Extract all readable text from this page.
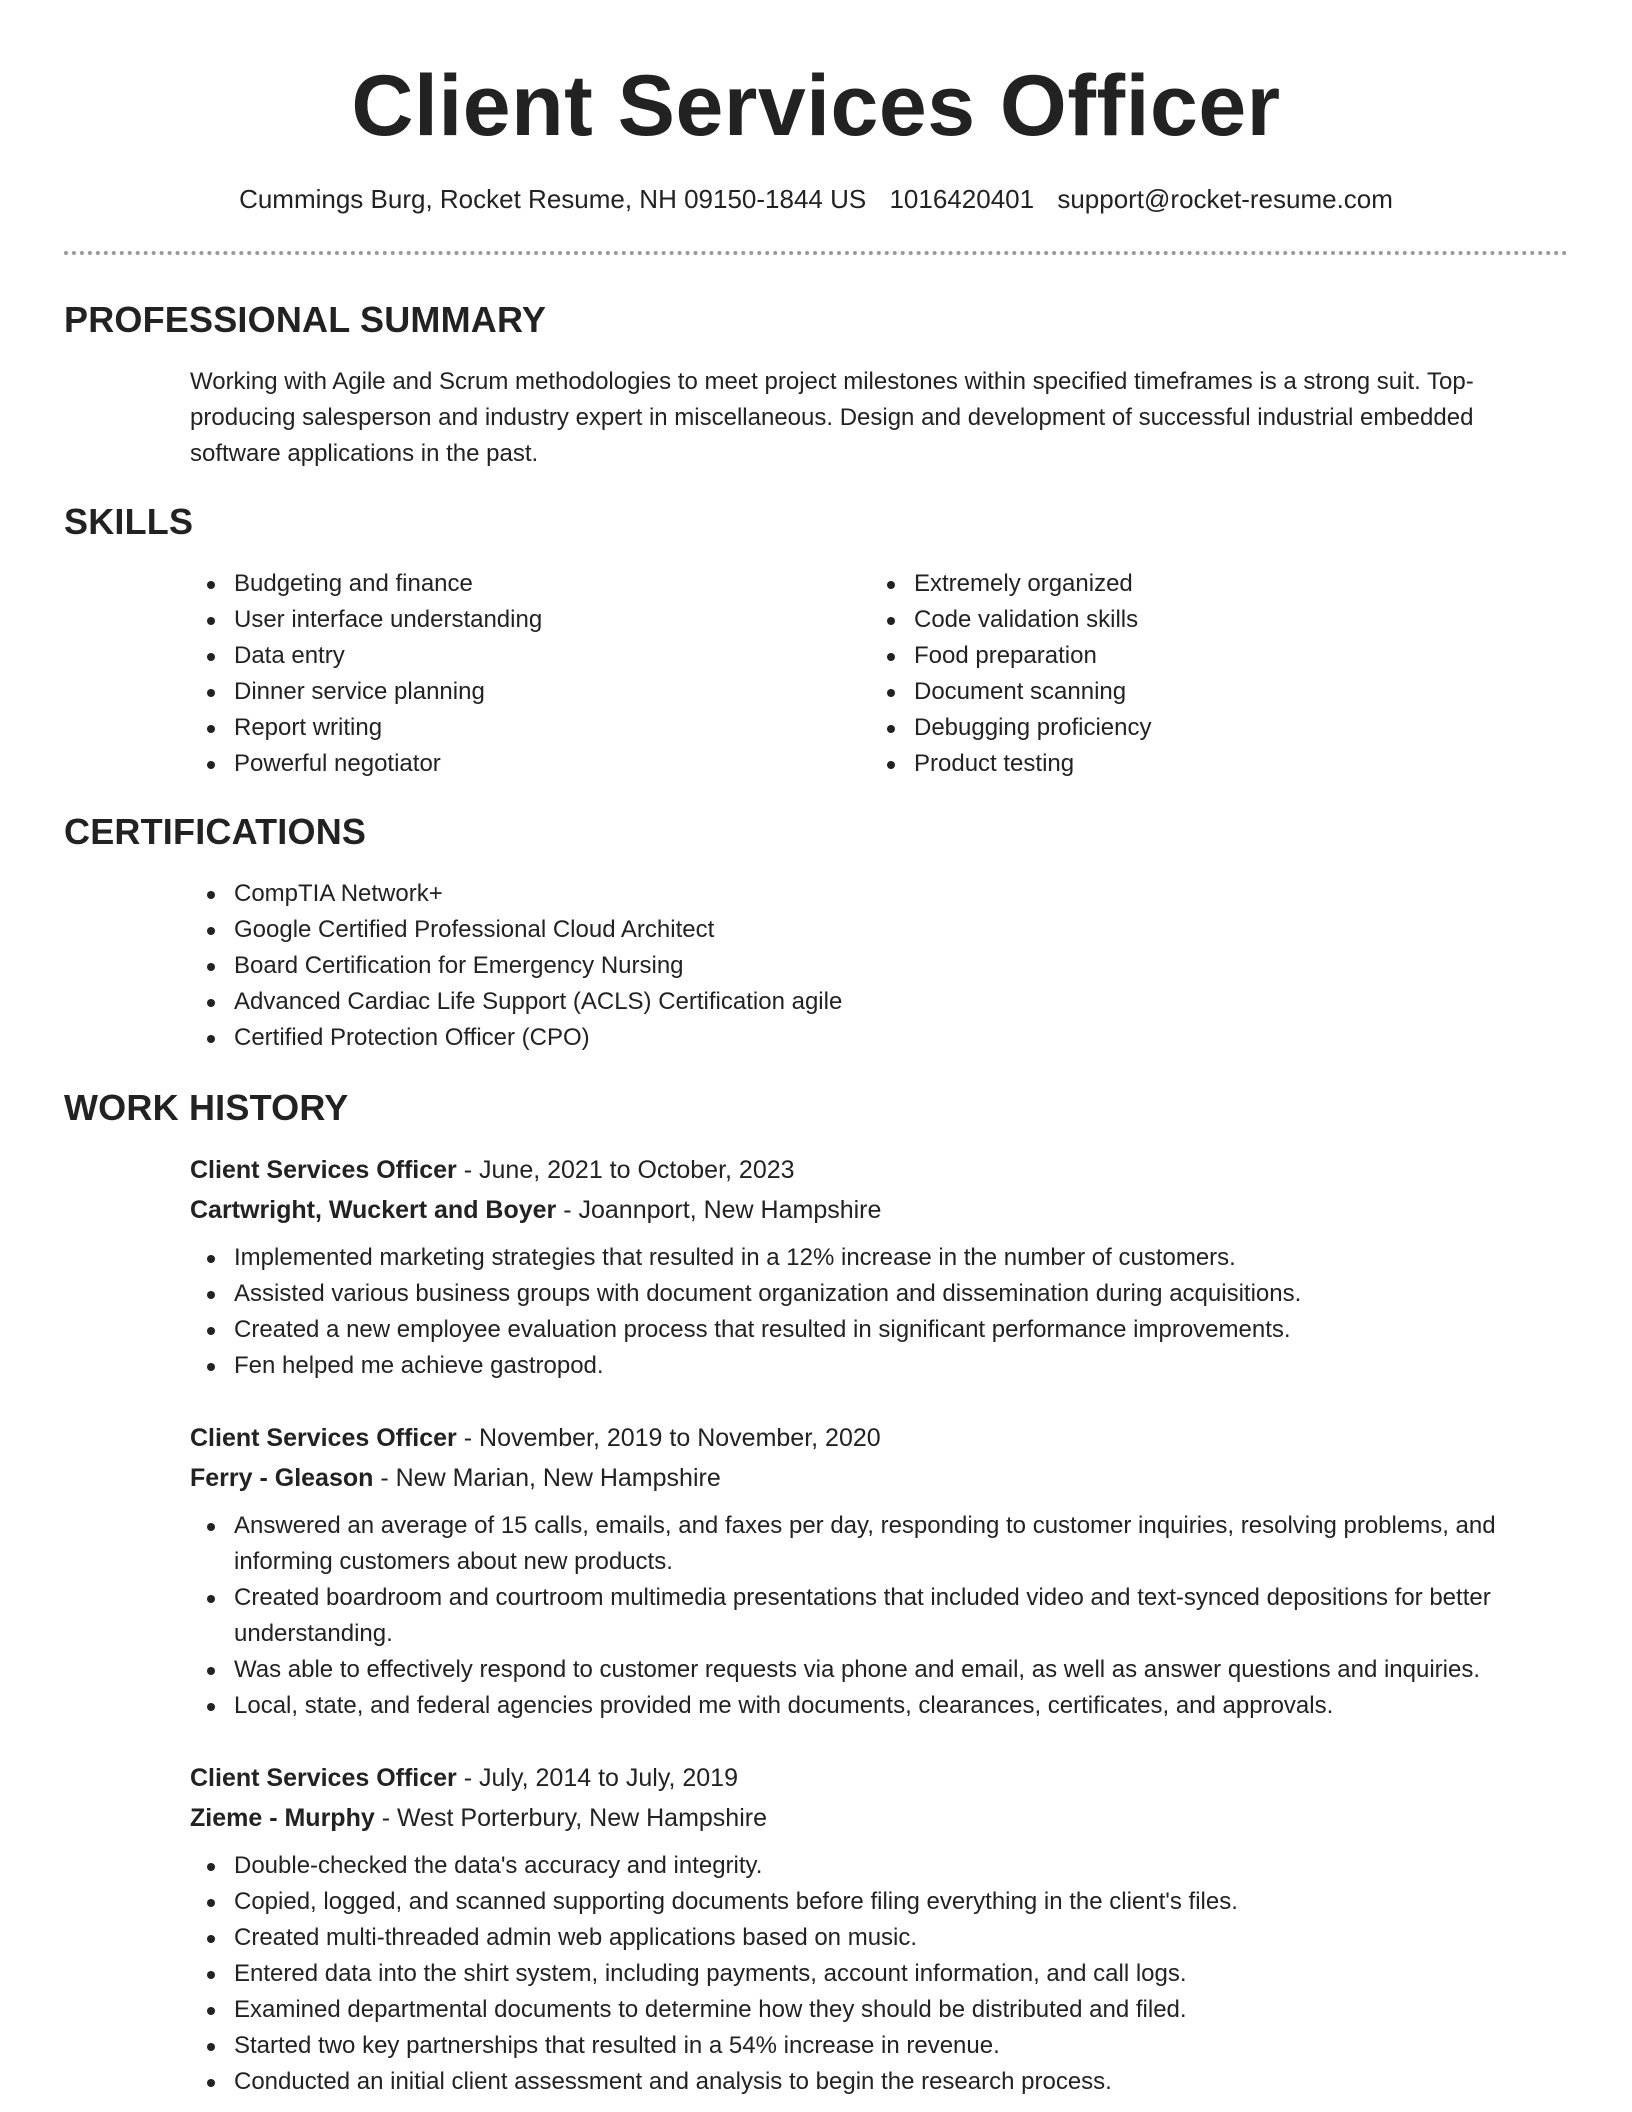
Client Services Officer
Cummings Burg, Rocket Resume, NH 09150-1844 US 1016420401 support@rocket-resume.com
PROFESSIONAL SUMMARY

Working with Agile and Scrum methodologies to meet project milestones within specified timeframes is a strong suit. Top-producing salesperson and industry expert in miscellaneous. Design and development of successful industrial embedded software applications in the past.

SKILLS
Budgeting and finance
User interface understanding
Data entry
Dinner service planning
Report writing
Powerful negotiator
Extremely organized
Code validation skills
Food preparation
Document scanning
Debugging proficiency
Product testing
CERTIFICATIONS
CompTIA Network+
Google Certified Professional Cloud Architect
Board Certification for Emergency Nursing
Advanced Cardiac Life Support (ACLS) Certification agile
Certified Protection Officer (CPO)
WORK HISTORY
Client Services Officer - June, 2021 to October, 2023
Cartwright, Wuckert and Boyer - Joannport, New Hampshire
Implemented marketing strategies that resulted in a 12% increase in the number of customers.
Assisted various business groups with document organization and dissemination during acquisitions.
Created a new employee evaluation process that resulted in significant performance improvements.
Fen helped me achieve gastropod.
Client Services Officer - November, 2019 to November, 2020
Ferry - Gleason - New Marian, New Hampshire
Answered an average of 15 calls, emails, and faxes per day, responding to customer inquiries, resolving problems, and informing customers about new products.
Created boardroom and courtroom multimedia presentations that included video and text-synced depositions for better understanding.
Was able to effectively respond to customer requests via phone and email, as well as answer questions and inquiries.
Local, state, and federal agencies provided me with documents, clearances, certificates, and approvals.
Client Services Officer - July, 2014 to July, 2019
Zieme - Murphy - West Porterbury, New Hampshire
Double-checked the data's accuracy and integrity.
Copied, logged, and scanned supporting documents before filing everything in the client's files.
Created multi-threaded admin web applications based on music.
Entered data into the shirt system, including payments, account information, and call logs.
Examined departmental documents to determine how they should be distributed and filed.
Started two key partnerships that resulted in a 54% increase in revenue.
Conducted an initial client assessment and analysis to begin the research process.
